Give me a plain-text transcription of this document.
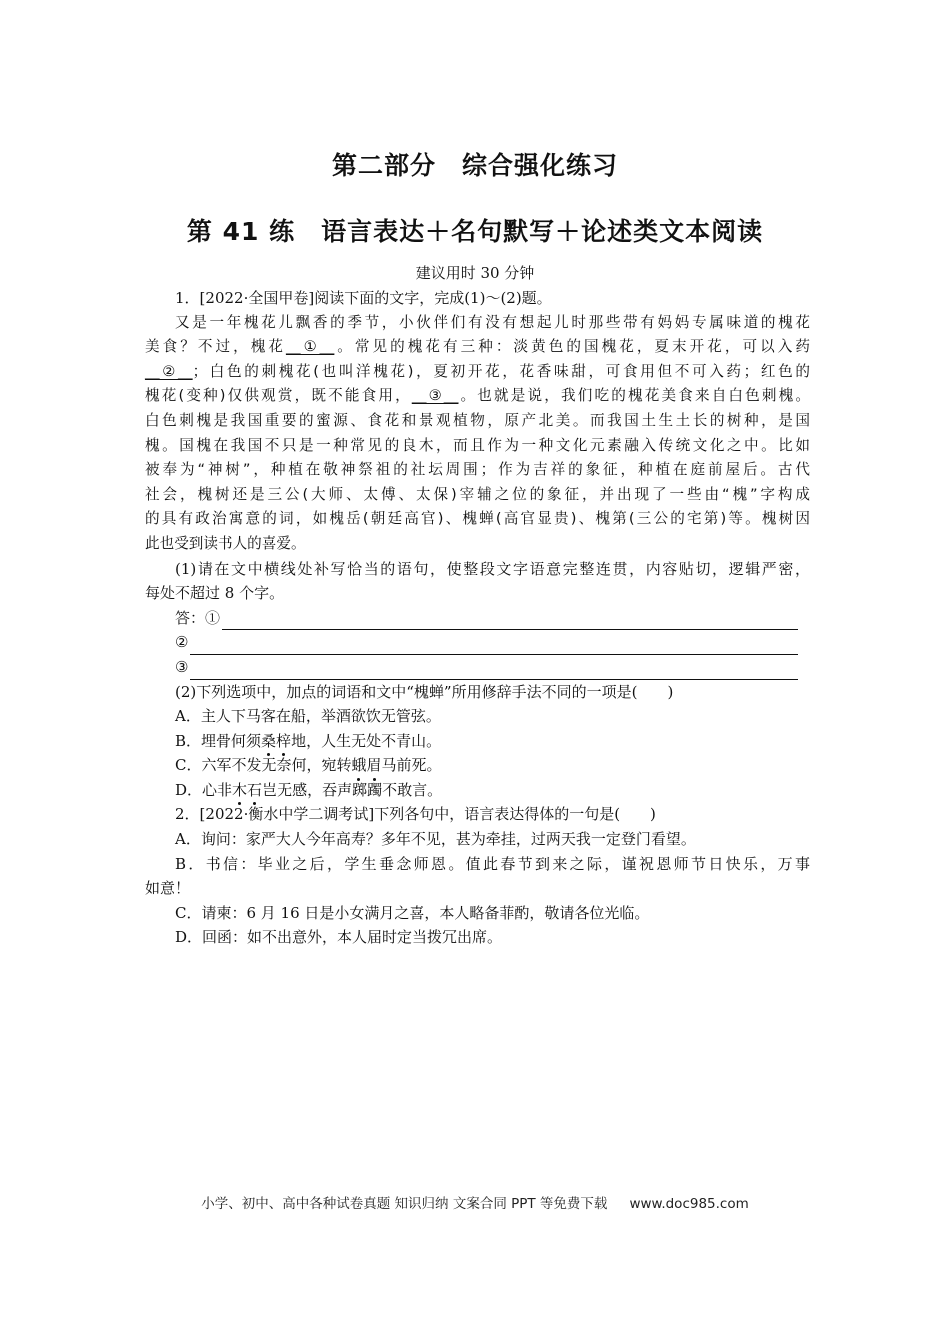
第二部分　综合强化练习
第 41 练　语言表达＋名句默写＋论述类文本阅读
建议用时 30 分钟
1．[2022·全国甲卷]阅读下面的文字，完成(1)～(2)题。
又是一年槐花儿飘香的季节，小伙伴们有没有想起儿时那些带有妈妈专属味道的槐花
美食？不过，槐花__①__。常见的槐花有三种：淡黄色的国槐花，夏末开花，可以入药
__②__；白色的刺槐花(也叫洋槐花)，夏初开花，花香味甜，可食用但不可入药；红色的
槐花(变种)仅供观赏，既不能食用，__③__。也就是说，我们吃的槐花美食来自白色刺槐。
白色刺槐是我国重要的蜜源、食花和景观植物，原产北美。而我国土生土长的树种，是国
槐。国槐在我国不只是一种常见的良木，而且作为一种文化元素融入传统文化之中。比如
被奉为“神树”，种植在敬神祭祖的社坛周围；作为吉祥的象征，种植在庭前屋后。古代
社会，槐树还是三公(大师、太傅、太保)宰辅之位的象征，并出现了一些由“槐”字构成
的具有政治寓意的词，如槐岳(朝廷高官)、槐蝉(高官显贵)、槐第(三公的宅第)等。槐树因
此也受到读书人的喜爱。
(1)请在文中横线处补写恰当的语句，使整段文字语意完整连贯，内容贴切，逻辑严密，
每处不超过 8 个字。
答：①
②
③
(2)下列选项中，加点的词语和文中“槐蝉”所用修辞手法不同的一项是(　　)
A．主人下马客在船，举酒欲饮无管弦。
B．埋骨何须桑梓地，人生无处不青山。
C．六军不发无奈何，宛转蛾眉马前死。
D．心非木石岂无感，吞声踯躅不敢言。
2．[2022·衡水中学二调考试]下列各句中，语言表达得体的一句是(　　)
A．询问：家严大人今年高寿？多年不见，甚为牵挂，过两天我一定登门看望。
B．书信：毕业之后，学生垂念师恩。值此春节到来之际，谨祝恩师节日快乐，万事
如意！
C．请柬：6 月 16 日是小女满月之喜，本人略备菲酌，敬请各位光临。
D．回函：如不出意外，本人届时定当拨冗出席。
小学、初中、高中各种试卷真题 知识归纳 文案合同 PPT 等免费下载 www.doc985.com
